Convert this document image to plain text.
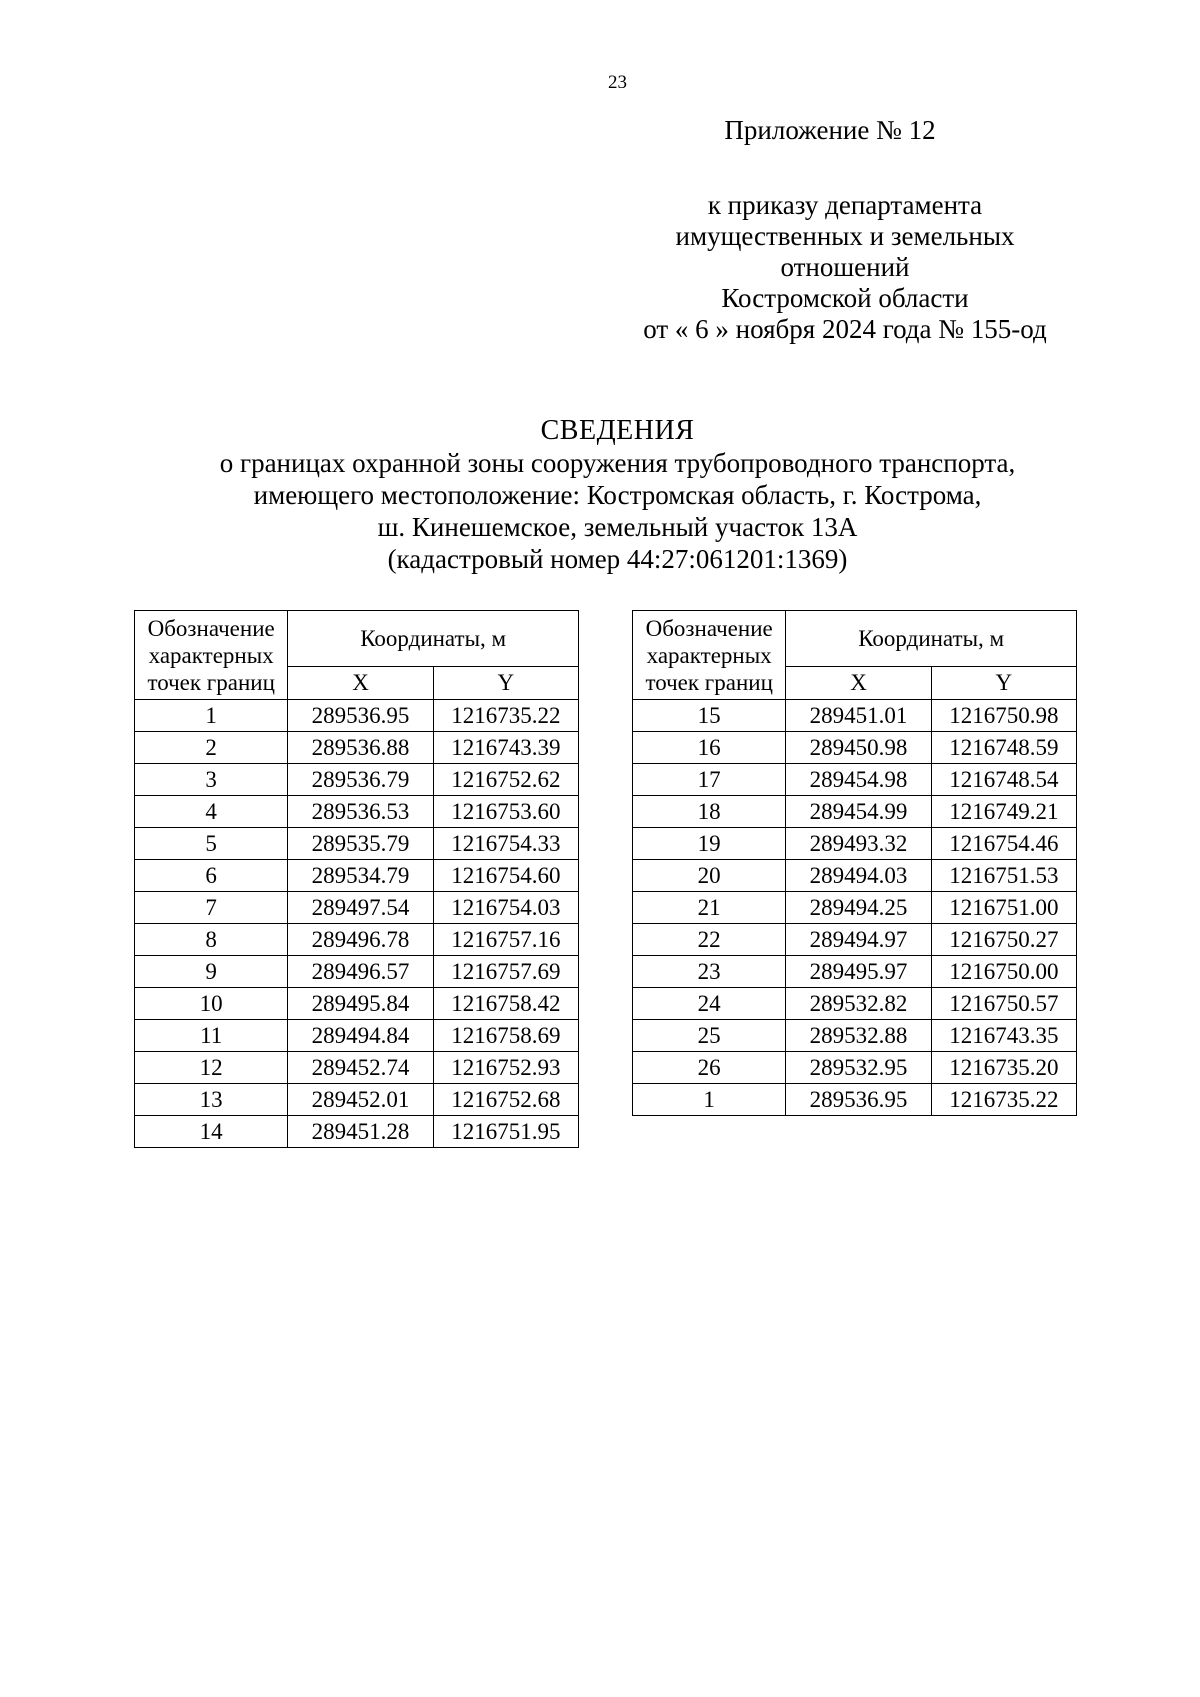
23
Приложение № 12
к приказу департамента
имущественных и земельных
отношений
Костромской области
от « 6 » ноября 2024 года № 155-од
СВЕДЕНИЯ
о границах охранной зоны сооружения трубопроводного транспорта,
имеющего местоположение: Костромская область, г. Кострома,
ш. Кинешемское, земельный участок 13А
(кадастровый номер 44:27:061201:1369)
Обозначение характерных точек границ	Координаты, м	
	X	Y
1	289536.95	1216735.22
2	289536.88	1216743.39
3	289536.79	1216752.62
4	289536.53	1216753.60
5	289535.79	1216754.33
6	289534.79	1216754.60
7	289497.54	1216754.03
8	289496.78	1216757.16
9	289496.57	1216757.69
10	289495.84	1216758.42
11	289494.84	1216758.69
12	289452.74	1216752.93
13	289452.01	1216752.68
14	289451.28	1216751.95
Обозначение характерных точек границ	Координаты, м	
	X	Y
15	289451.01	1216750.98
16	289450.98	1216748.59
17	289454.98	1216748.54
18	289454.99	1216749.21
19	289493.32	1216754.46
20	289494.03	1216751.53
21	289494.25	1216751.00
22	289494.97	1216750.27
23	289495.97	1216750.00
24	289532.82	1216750.57
25	289532.88	1216743.35
26	289532.95	1216735.20
1	289536.95	1216735.22
